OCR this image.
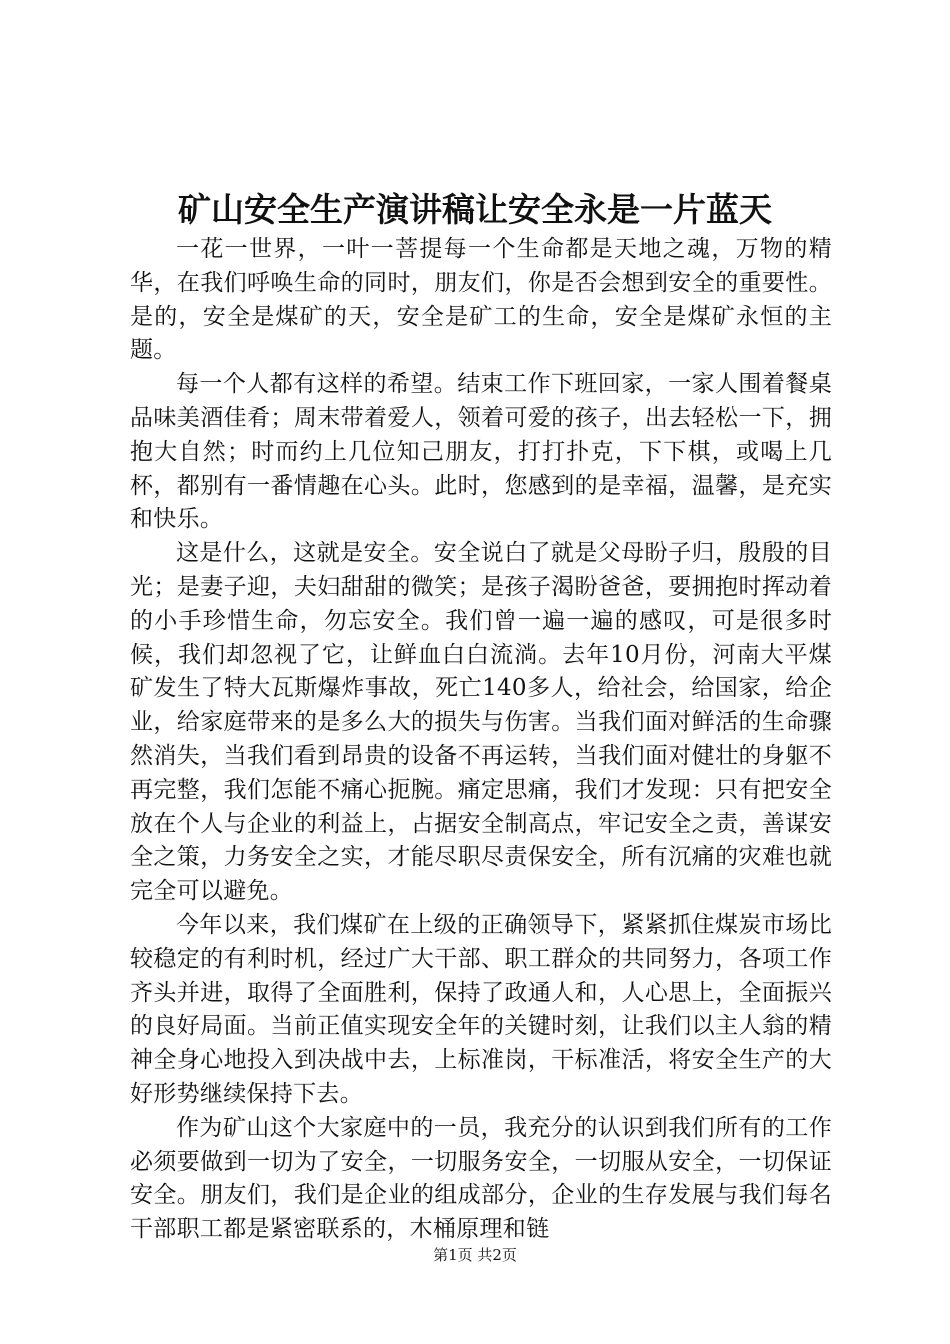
矿山安全生产演讲稿让安全永是一片蓝天

一花一世界，一叶一菩提每一个生命都是天地之魂，万物的精华，在我们呼唤生命的同时，朋友们，你是否会想到安全的重要性。是的，安全是煤矿的天，安全是矿工的生命，安全是煤矿永恒的主题。

每一个人都有这样的希望。结束工作下班回家，一家人围着餐桌品味美酒佳肴；周末带着爱人，领着可爱的孩子，出去轻松一下，拥抱大自然；时而约上几位知己朋友，打打扑克，下下棋，或喝上几杯，都别有一番情趣在心头。此时，您感到的是幸福，温馨，是充实和快乐。

这是什么，这就是安全。安全说白了就是父母盼子归，殷殷的目光；是妻子迎，夫妇甜甜的微笑；是孩子渴盼爸爸，要拥抱时挥动着的小手珍惜生命，勿忘安全。我们曾一遍一遍的感叹，可是很多时候，我们却忽视了它，让鲜血白白流淌。去年10月份，河南大平煤矿发生了特大瓦斯爆炸事故，死亡140多人，给社会，给国家，给企业，给家庭带来的是多么大的损失与伤害。当我们面对鲜活的生命骤然消失，当我们看到昂贵的设备不再运转，当我们面对健壮的身躯不再完整，我们怎能不痛心扼腕。痛定思痛，我们才发现：只有把安全放在个人与企业的利益上，占据安全制高点，牢记安全之责，善谋安全之策，力务安全之实，才能尽职尽责保安全，所有沉痛的灾难也就完全可以避免。

今年以来，我们煤矿在上级的正确领导下，紧紧抓住煤炭市场比较稳定的有利时机，经过广大干部、职工群众的共同努力，各项工作齐头并进，取得了全面胜利，保持了政通人和，人心思上，全面振兴的良好局面。当前正值实现安全年的关键时刻，让我们以主人翁的精神全身心地投入到决战中去，上标准岗，干标准活，将安全生产的大好形势继续保持下去。

作为矿山这个大家庭中的一员，我充分的认识到我们所有的工作必须要做到一切为了安全，一切服务安全，一切服从安全，一切保证安全。朋友们，我们是企业的组成部分，企业的生存发展与我们每名干部职工都是紧密联系的，木桶原理和链

第1页 共2页
